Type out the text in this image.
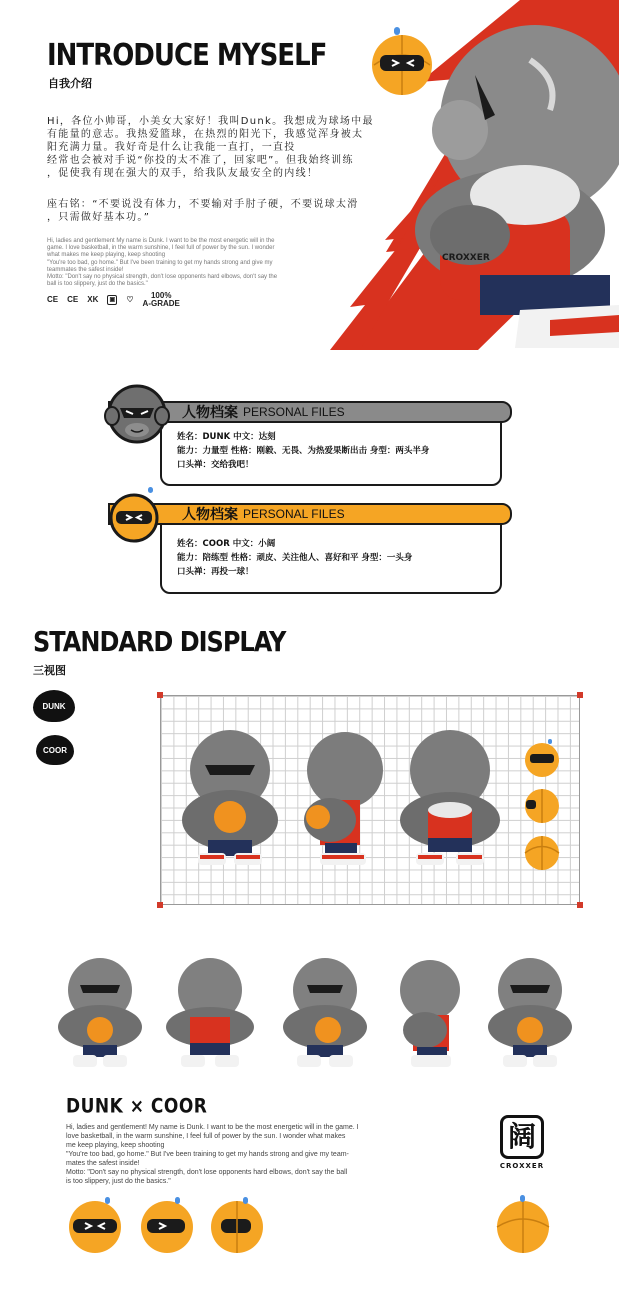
INTRODUCE MYSELF
自我介绍
Hi，各位小帅哥，小美女大家好！我叫Dunk。我想成为球场中最
有能量的意志。我热爱篮球，在热烈的阳光下，我感觉浑身被太
阳充满力量。我好奇是什么让我能一直打，一直投
经常也会被对手说“你投的太不准了，回家吧”。但我始终训练
，促使我有现在强大的双手，给我队友最安全的内线！
座右铭：“不要说没有体力，不要输对手肘子硬，不要说球太滑
，只需做好基本功。”
Hi, ladies and gentlement My name is Dunk. I want to be the most energetic will in the
game. I love basketball, in the warm sunshine, I feel full of power by the sun. I wonder
what makes me keep playing, keep shooting
"You're too bad, go home." But I've been training to get my hands strong and give my
teammates the safest inside!
Motto: "Don't say no physical strength, don't lose opponents hard elbows, don't say the
ball is too slippery, just do the basics."
CE CE XK	▣ ♡	100%
A-GRADE
CROXXER
人物档案 PERSONAL FILES
姓名：DUNK 中文：达刻
能力：力量型 性格：刚毅、无畏、为热爱果断出击 身型：两头半身
口头禅：交给我吧！
人物档案 PERSONAL FILES
姓名：COOR 中文：小阔
能力：陪练型 性格：顽皮、关注他人、喜好和平 身型：一头身
口头禅：再投一球！
STANDARD DISPLAY
三视图
DUNK
COOR
DUNK × COOR
Hi, ladies and gentlement! My name is Dunk. I want to be the most energetic will in the game. I
love basketball, in the warm sunshine, I feel full of power by the sun. I wonder what makes
me keep playing, keep shooting
"You're too bad, go home." But I've been training to get my hands strong and give my team-
mates the safest inside!
Motto: "Don't say no physical strength, don't lose opponents hard elbows, don't say the ball
is too slippery, just do the basics."
阔
CROXXER
